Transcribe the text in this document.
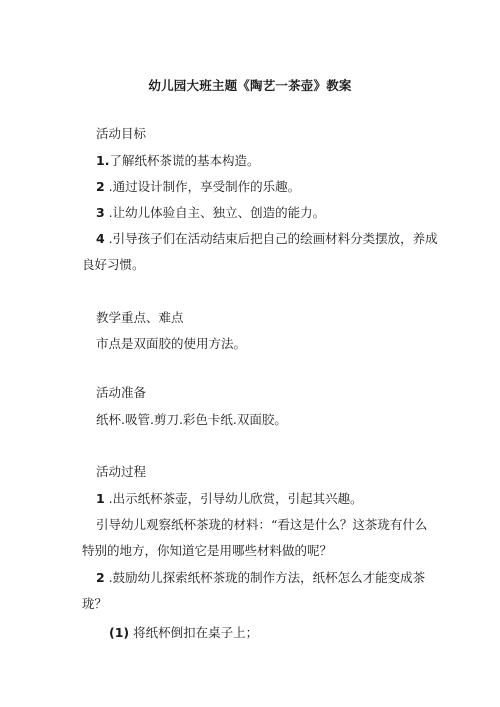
幼儿园大班主题《陶艺一茶壶》教案
活动目标
1.了解纸杯茶谎的基本构造。
2 .通过设计制作，享受制作的乐趣。
3 .让幼儿体验自主、独立、创造的能力。
4 .引导孩子们在活动结束后把自己的绘画材料分类摆放，养成
良好习惯。
教学重点、难点
市点是双面胶的使用方法。
活动准备
纸杯.吸管.剪刀.彩色卡纸.双面胶。
活动过程
1 .出示纸杯茶壶，引导幼儿欣赏，引起其兴趣。
引导幼儿观察纸杯茶珑的材料：“看这是什么？这茶珑有什么
特别的地方，你知道它是用哪些材料做的呢？
2 .鼓励幼儿探索纸杯茶珑的制作方法，纸杯怎么才能变成茶
珑？
(1) 将纸杯倒扣在桌子上；
